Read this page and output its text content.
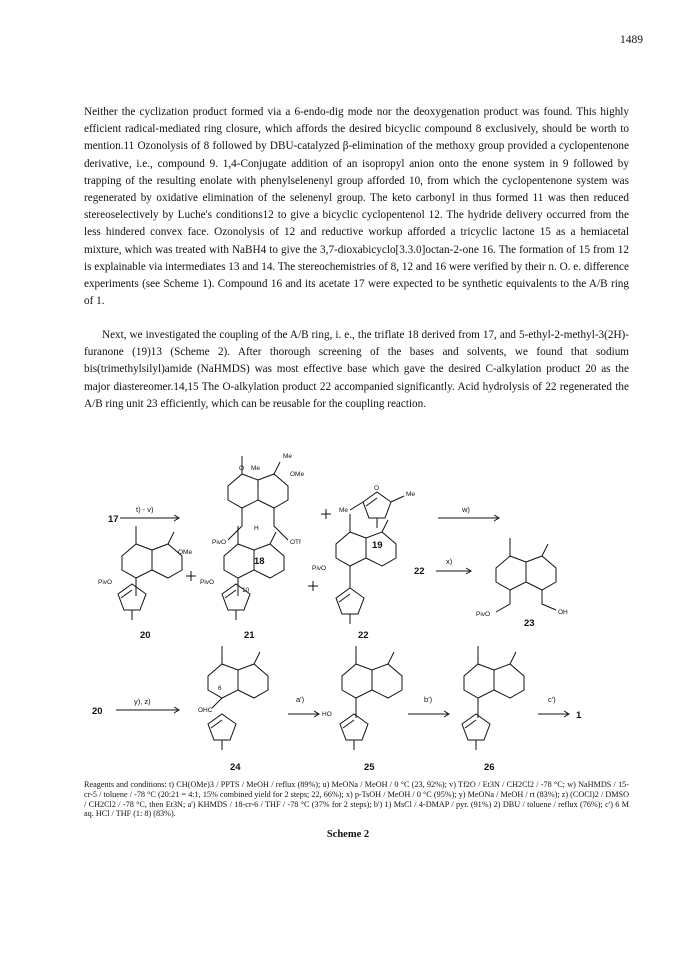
1489

Neither the cyclization product formed via a 6-endo-dig mode nor the deoxygenation product was found. This highly efficient radical-mediated ring closure, which affords the desired bicyclic compound 8 exclusively, should be worth to mention.11 Ozonolysis of 8 followed by DBU-catalyzed β-elimination of the methoxy group provided a cyclopentenone derivative, i.e., compound 9. 1,4-Conjugate addition of an isopropyl anion onto the enone system in 9 followed by trapping of the resulting enolate with phenylselenenyl group afforded 10, from which the cyclopentenone system was regenerated by oxidative elimination of the selenenyl group. The keto carbonyl in thus formed 11 was then reduced stereoselectively by Luche's conditions12 to give a bicyclic cyclopentenol 12. The hydride delivery occurred from the less hindered convex face. Ozonolysis of 12 and reductive workup afforded a tricyclic lactone 15 as a hemiacetal mixture, which was treated with NaBH4 to give the 3,7-dioxabicyclo[3.3.0]octan-2-one 16. The formation of 15 from 12 is explainable via intermediates 13 and 14. The stereochemistries of 8, 12 and 16 were verified by their n. O. e. difference experiments (see Scheme 1). Compound 16 and its acetate 17 were expected to be synthetic equivalents to the A/B ring of 1.

Next, we investigated the coupling of the A/B ring, i. e., the triflate 18 derived from 17, and 5-ethyl-2-methyl-3(2H)-furanone (19)13 (Scheme 2). After thorough screening of the bases and solvents, we found that sodium bis(trimethylsilyl)amide (NaHMDS) was most effective base which gave the desired C-alkylation product 20 as the major diastereomer.14,15 The O-alkylation product 22 accompanied significantly. Acid hydrolysis of 22 regenerated the A/B ring unit 23 efficiently, which can be reusable for the coupling reaction.

17
t) - v)
18
Me
O Me
OMe
PivO	OTf
H
19
Me
Me
O
w)
20
PivO
OMe
21
10
PivO
22
PivO	22
x)
23
PivO	OH
20
y), z)
OHC
6
24
a')
HO
25
b')
26
c')
1
Reagents and conditions: t) CH(OMe)3 / PPTS / MeOH / reflux (89%); u) MeONa / MeOH / 0 °C (23, 92%); v) Tf2O / Et3N / CH2Cl2 / -78 °C; w) NaHMDS / 15-cr-5 / toluene / -78 °C (20:21 = 4:1, 15% combined yield for 2 steps; 22, 66%); x) p-TsOH / MeOH / 0 °C (95%); y) MeONa / MeOH / rt (83%); z) (COCl)2 / DMSO / CH2Cl2 / -78 °C, then Et3N; a') KHMDS / 18-cr-6 / THF / -78 °C (37% for 2 steps); b') 1) MsCl / 4-DMAP / pyr. (91%) 2) DBU / toluene / reflux (76%); c') 6 M aq. HCl / THF (1: 8) (83%).
Scheme 2
